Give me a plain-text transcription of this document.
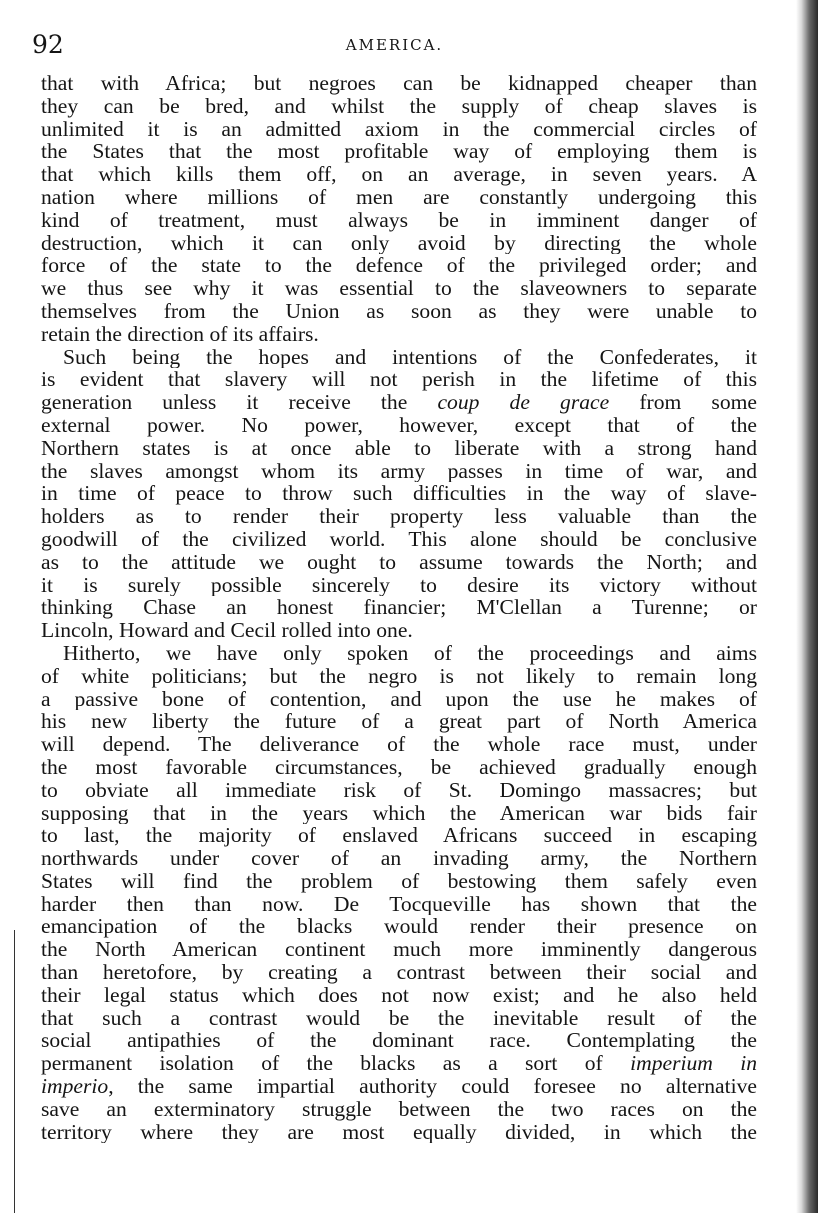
92	AMERICA.
that with Africa; but negroes can be kidnapped cheaper than
they can be bred, and whilst the supply of cheap slaves is
unlimited it is an admitted axiom in the commercial circles of
the States that the most profitable way of employing them is
that which kills them off, on an average, in seven years. A
nation where millions of men are constantly undergoing this
kind of treatment, must always be in imminent danger of
destruction, which it can only avoid by directing the whole
force of the state to the defence of the privileged order; and
we thus see why it was essential to the slaveowners to separate
themselves from the Union as soon as they were unable to
retain the direction of its affairs.
Such being the hopes and intentions of the Confederates, it
is evident that slavery will not perish in the lifetime of this
generation unless it receive the coup de grace from some
external power. No power, however, except that of the
Northern states is at once able to liberate with a strong hand
the slaves amongst whom its army passes in time of war, and
in time of peace to throw such difficulties in the way of slave-
holders as to render their property less valuable than the
goodwill of the civilized world. This alone should be conclusive
as to the attitude we ought to assume towards the North; and
it is surely possible sincerely to desire its victory without
thinking Chase an honest financier; M'Clellan a Turenne; or
Lincoln, Howard and Cecil rolled into one.
Hitherto, we have only spoken of the proceedings and aims
of white politicians; but the negro is not likely to remain long
a passive bone of contention, and upon the use he makes of
his new liberty the future of a great part of North America
will depend. The deliverance of the whole race must, under
the most favorable circumstances, be achieved gradually enough
to obviate all immediate risk of St. Domingo massacres; but
supposing that in the years which the American war bids fair
to last, the majority of enslaved Africans succeed in escaping
northwards under cover of an invading army, the Northern
States will find the problem of bestowing them safely even
harder then than now. De Tocqueville has shown that the
emancipation of the blacks would render their presence on
the North American continent much more imminently dangerous
than heretofore, by creating a contrast between their social and
their legal status which does not now exist; and he also held
that such a contrast would be the inevitable result of the
social antipathies of the dominant race. Contemplating the
permanent isolation of the blacks as a sort of imperium in
imperio, the same impartial authority could foresee no alternative
save an exterminatory struggle between the two races on the
territory where they are most equally divided, in which the
